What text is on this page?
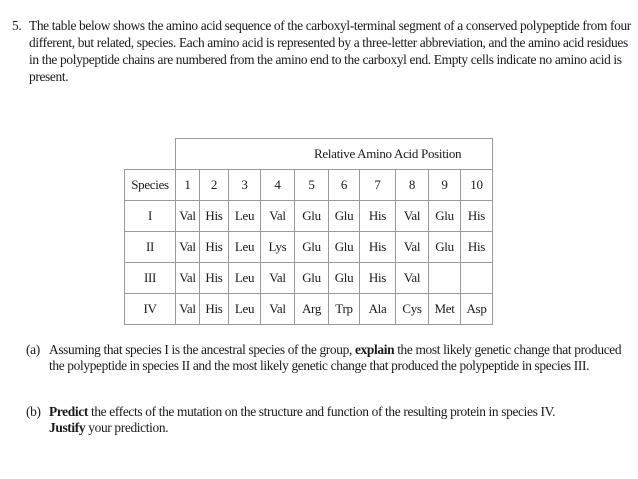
5. The table below shows the amino acid sequence of the carboxyl-terminal segment of a conserved polypeptide from four different, but related, species. Each amino acid is represented by a three-letter abbreviation, and the amino acid residues in the polypeptide chains are numbered from the amino end to the carboxyl end. Empty cells indicate no amino acid is present.
	Relative Amino Acid Position									
Species	1	2	3	4	5	6	7	8	9	10
I	Val	His	Leu	Val	Glu	Glu	His	Val	Glu	His
II	Val	His	Leu	Lys	Glu	Glu	His	Val	Glu	His
III	Val	His	Leu	Val	Glu	Glu	His	Val		
IV	Val	His	Leu	Val	Arg	Trp	Ala	Cys	Met	Asp
(a) Assuming that species I is the ancestral species of the group, explain the most likely genetic change that produced the polypeptide in species II and the most likely genetic change that produced the polypeptide in species III.
(b) Predict the effects of the mutation on the structure and function of the resulting protein in species IV.
Justify your prediction.
